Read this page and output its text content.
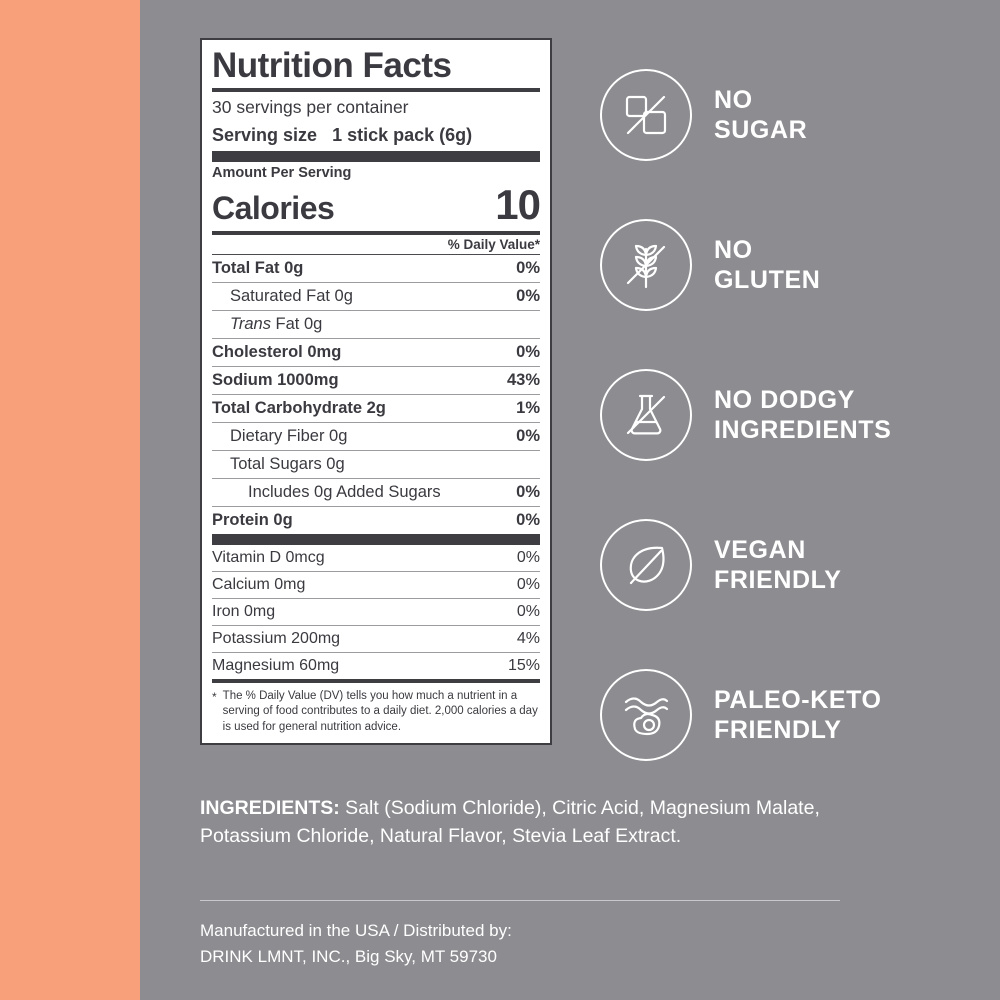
Nutrition Facts
30 servings per container
Serving size 1 stick pack (6g)
Amount Per Serving
Calories	10
% Daily Value*
Total Fat 0g	0%
Saturated Fat 0g	0%
Trans Fat 0g
Cholesterol 0mg	0%
Sodium 1000mg	43%
Total Carbohydrate 2g	1%
Dietary Fiber 0g	0%
Total Sugars 0g
Includes 0g Added Sugars	0%
Protein 0g	0%
Vitamin D 0mcg	0%
Calcium 0mg	0%
Iron 0mg	0%
Potassium 200mg	4%
Magnesium 60mg	15%
* The % Daily Value (DV) tells you how much a nutrient in a serving of food contributes to a daily diet. 2,000 calories a day is used for general nutrition advice.
NO
SUGAR
NO
GLUTEN
NO DODGY
INGREDIENTS
VEGAN
FRIENDLY
PALEO-KETO
FRIENDLY
INGREDIENTS: Salt (Sodium Chloride), Citric Acid, Magnesium Malate, Potassium Chloride, Natural Flavor, Stevia Leaf Extract.
Manufactured in the USA / Distributed by:
DRINK LMNT, INC., Big Sky, MT 59730
